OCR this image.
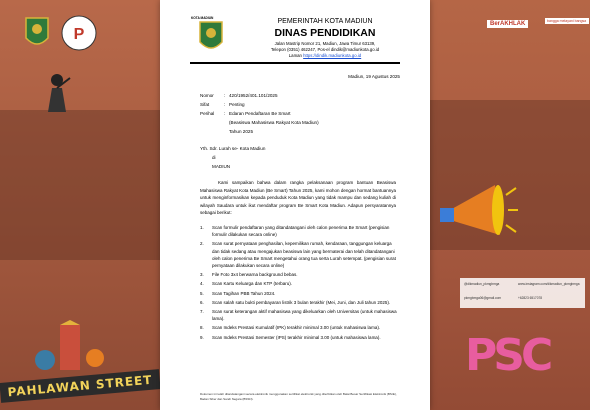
P
PAHLAWAN STREET
BerAKHLAK	bangga melayani bangsa
@dikmadiun_pkmgbmga	www.instagram.com/dikmadiun_pkmgbmga
pkmgbmga06@gmail.com	+62823 6517078
PSC
KOTA MADIUN	PEMERINTAH KOTA MADIUN
DINAS PENDIDIKAN
Jalan Mastrip Nomor 21, Madiun, Jawa Timur 63139,
Telepon (0351) 462247, Pos-el dindik@madiunkota.go.id
Laman https://dindik.madiunkota.go.id
Madiun, 19 Agustus 2025
Nomor : 420/1952/401.101/2025
Sifat	: Penting
Perihal : Edaran Pendaftaran Be Smart
(Beasiswa Mahasiswa Rakyat Kota Madiun)
Tahun 2025
Yth. Sdr. Lurah se- Kota Madiun
di
MADIUN
Kami sampaikan bahwa dalam rangka pelaksanaan program bantuan Beasiswa Mahasiswa Rakyat Kota Madiun (Be Smart) Tahun 2025, kami mohon dengan hormat bantuannya untuk menginformasikan kepada penduduk Kota Madiun yang tidak mampu dan sedang kuliah di wilayah Saudara untuk ikut mendaftar program Be Smart Kota Madiun. Adapun persyaratannya sebagai berikut:
1. Scan formulir pendaftaran yang ditandatangani oleh calon penerima Be Smart (pengisian formulir dilakukan secara online)
2. Scan surat pernyataan penghasilan, kepemilikan rumah, kendaraan, tanggungan keluarga dan tidak sedang atau mengajukan beasiswa lain yang bermaterai dan telah ditandatangani oleh calon penerima Be Smart mengetahui orang tua serta Lurah setempat. (pengisian surat pernyataan dilakukan secara online)
3. File Foto 3x4 berwarna background bebas.
4. Scan Kartu Keluarga dan KTP (terbaru).
5. Scan Tagihan PBB Tahun 2024.
6. Scan salah satu bukti pembayaran listrik 3 bulan terakhir (Mei, Juni, dan Juli tahun 2025).
7. Scan surat keterangan aktif mahasiswa yang dikeluarkan oleh Universitas (untuk mahasiswa lama).
8. Scan Indeks Prestasi Kumulatif (IPK) terakhir minimal 3.00 (untuk mahasiswa lama).
9. Scan Indeks Prestasi Semester (IPS) terakhir minimal 3.00 (untuk mahasiswa lama).
Dokumen ini telah ditandatangani secara elektronik menggunakan sertifikat elektronik yang diterbitkan oleh Balai Besar Sertifikasi Elektronik (BSrE), Badan Siber dan Sandi Negara (BSSN).
